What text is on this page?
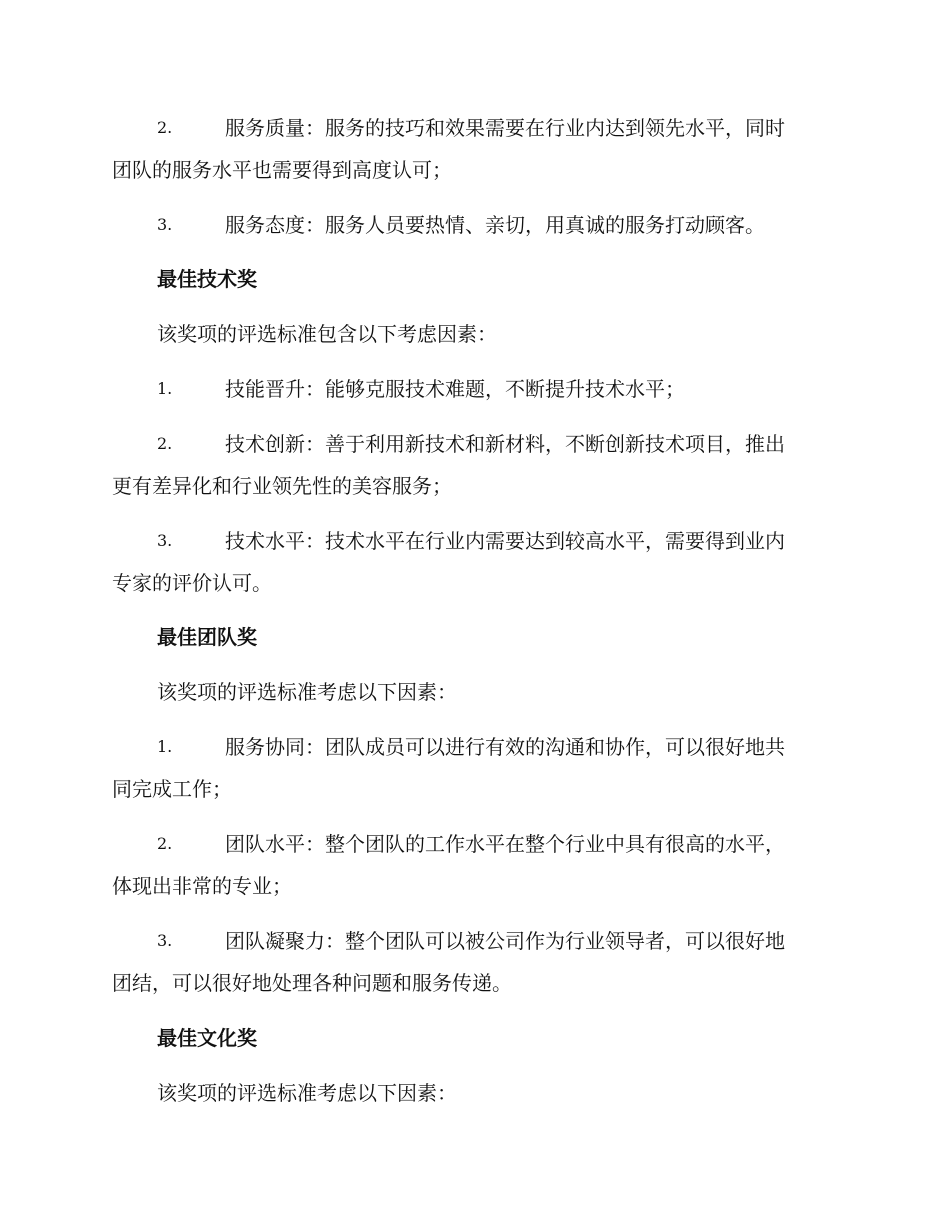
2.	服务质量：服务的技巧和效果需要在行业内达到领先水平，同时
团队的服务水平也需要得到高度认可；
3.	服务态度：服务人员要热情、亲切，用真诚的服务打动顾客。
最佳技术奖
该奖项的评选标准包含以下考虑因素：
1.	技能晋升：能够克服技术难题，不断提升技术水平；
2.	技术创新：善于利用新技术和新材料，不断创新技术项目，推出
更有差异化和行业领先性的美容服务；
3.	技术水平：技术水平在行业内需要达到较高水平，需要得到业内
专家的评价认可。
最佳团队奖
该奖项的评选标准考虑以下因素：
1.	服务协同：团队成员可以进行有效的沟通和协作，可以很好地共
同完成工作；
2.	团队水平：整个团队的工作水平在整个行业中具有很高的水平，
体现出非常的专业；
3.	团队凝聚力：整个团队可以被公司作为行业领导者，可以很好地
团结，可以很好地处理各种问题和服务传递。
最佳文化奖
该奖项的评选标准考虑以下因素：
